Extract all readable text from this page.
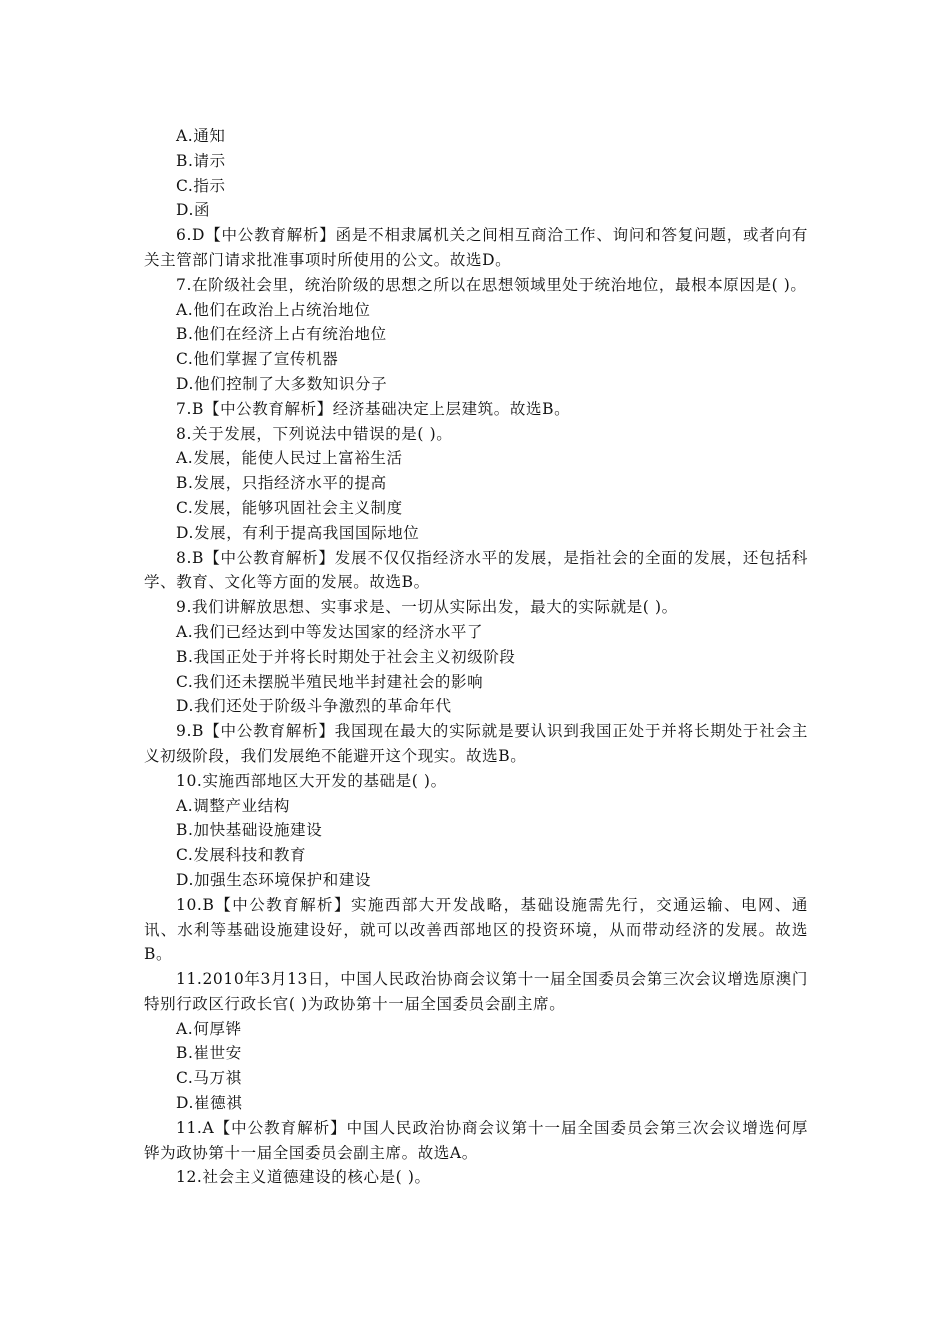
A.通知

B.请示

C.指示

D.函

6.D【中公教育解析】函是不相隶属机关之间相互商洽工作、询问和答复问题，或者向有关主管部门请求批准事项时所使用的公文。故选D。

7.在阶级社会里，统治阶级的思想之所以在思想领域里处于统治地位，最根本原因是( )。

A.他们在政治上占统治地位

B.他们在经济上占有统治地位

C.他们掌握了宣传机器

D.他们控制了大多数知识分子

7.B【中公教育解析】经济基础决定上层建筑。故选B。

8.关于发展，下列说法中错误的是( )。

A.发展，能使人民过上富裕生活

B.发展，只指经济水平的提高

C.发展，能够巩固社会主义制度

D.发展，有利于提高我国国际地位

8.B【中公教育解析】发展不仅仅指经济水平的发展，是指社会的全面的发展，还包括科学、教育、文化等方面的发展。故选B。

9.我们讲解放思想、实事求是、一切从实际出发，最大的实际就是( )。

A.我们已经达到中等发达国家的经济水平了

B.我国正处于并将长时期处于社会主义初级阶段

C.我们还未摆脱半殖民地半封建社会的影响

D.我们还处于阶级斗争激烈的革命年代

9.B【中公教育解析】我国现在最大的实际就是要认识到我国正处于并将长期处于社会主义初级阶段，我们发展绝不能避开这个现实。故选B。

10.实施西部地区大开发的基础是( )。

A.调整产业结构

B.加快基础设施建设

C.发展科技和教育

D.加强生态环境保护和建设

10.B【中公教育解析】实施西部大开发战略，基础设施需先行，交通运输、电网、通讯、水利等基础设施建设好，就可以改善西部地区的投资环境，从而带动经济的发展。故选B。

11.2010年3月13日，中国人民政治协商会议第十一届全国委员会第三次会议增选原澳门特别行政区行政长官( )为政协第十一届全国委员会副主席。

A.何厚铧

B.崔世安

C.马万祺

D.崔德祺

11.A【中公教育解析】中国人民政治协商会议第十一届全国委员会第三次会议增选何厚铧为政协第十一届全国委员会副主席。故选A。

12.社会主义道德建设的核心是( )。
